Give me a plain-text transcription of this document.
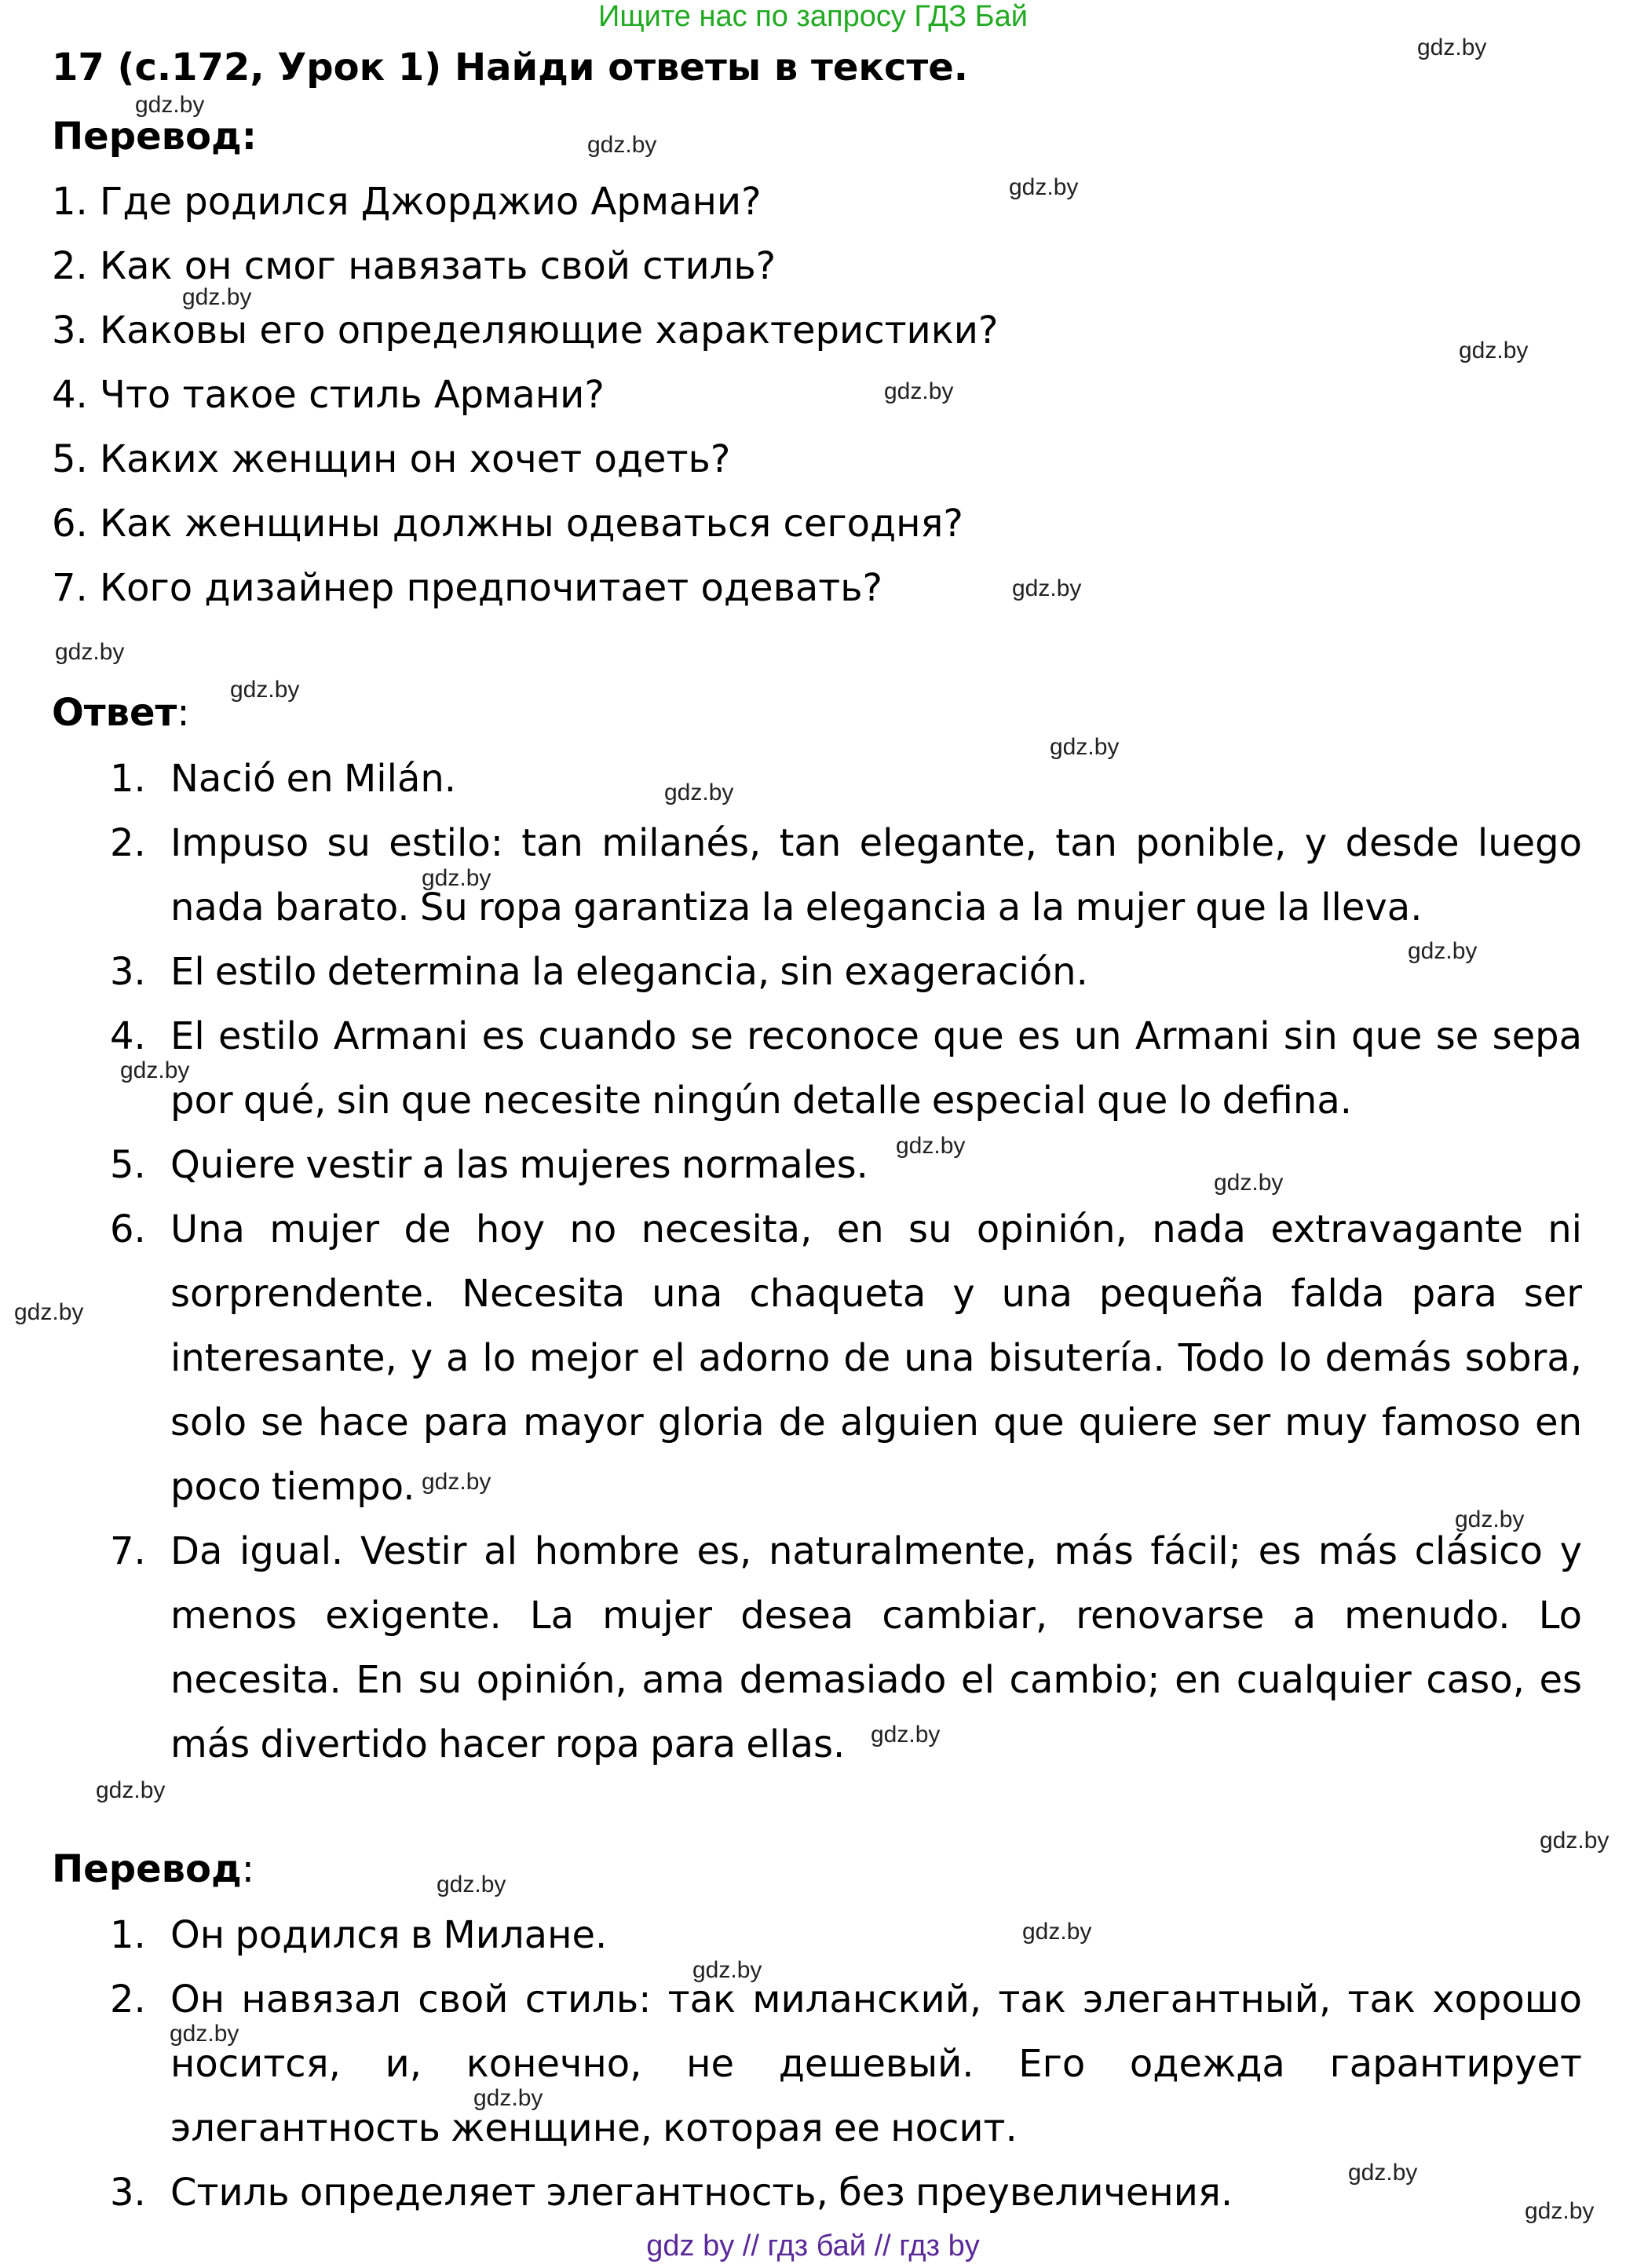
Ищите нас по запросу ГДЗ Бай
17 (с.172, Урок 1) Найди ответы в тексте.
Перевод:
1. Где родился Джорджио Армани?
2. Как он смог навязать свой стиль?
3. Каковы его определяющие характеристики?
4. Что такое стиль Армани?
5. Каких женщин он хочет одеть?
6. Как женщины должны одеваться сегодня?
7. Кого дизайнер предпочитает одевать?
Ответ:
1. Nació en Milán.
2. Impuso su estilo: tan milanés, tan elegante, tan ponible, y desde luego nada barato. Su ropa garantiza la elegancia a la mujer que la lleva.
3. El estilo determina la elegancia, sin exageración.
4. El estilo Armani es cuando se reconoce que es un Armani sin que se sepa por qué, sin que necesite ningún detalle especial que lo defina.
5. Quiere vestir a las mujeres normales.
6. Una mujer de hoy no necesita, en su opinión, nada extravagante ni sorprendente. Necesita una chaqueta y una pequeña falda para ser interesante, y a lo mejor el adorno de una bisutería. Todo lo demás sobra, solo se hace para mayor gloria de alguien que quiere ser muy famoso en poco tiempo.
7. Da igual. Vestir al hombre es, naturalmente, más fácil; es más clásico y menos exigente. La mujer desea cambiar, renovarse a menudo. Lo necesita. En su opinión, ama demasiado el cambio; en cualquier caso, es más divertido hacer ropa para ellas.
Перевод:
1. Он родился в Милане.
2. Он навязал свой стиль: так миланский, так элегантный, так хорошо носится, и, конечно, не дешевый. Его одежда гарантирует элегантность женщине, которая ее носит.
3. Стиль определяет элегантность, без преувеличения.
gdz.by
gdz.by
gdz.by
gdz.by
gdz.by
gdz.by
gdz.by
gdz.by
gdz.by
gdz.by
gdz.by
gdz.by
gdz.by
gdz.by
gdz.by
gdz.by
gdz.by
gdz.by
gdz.by
gdz.by
gdz.by
gdz.by
gdz.by
gdz.by
gdz.by
gdz.by
gdz.by
gdz.by
gdz.by
gdz.by
gdz by // гдз бай // гдз by
